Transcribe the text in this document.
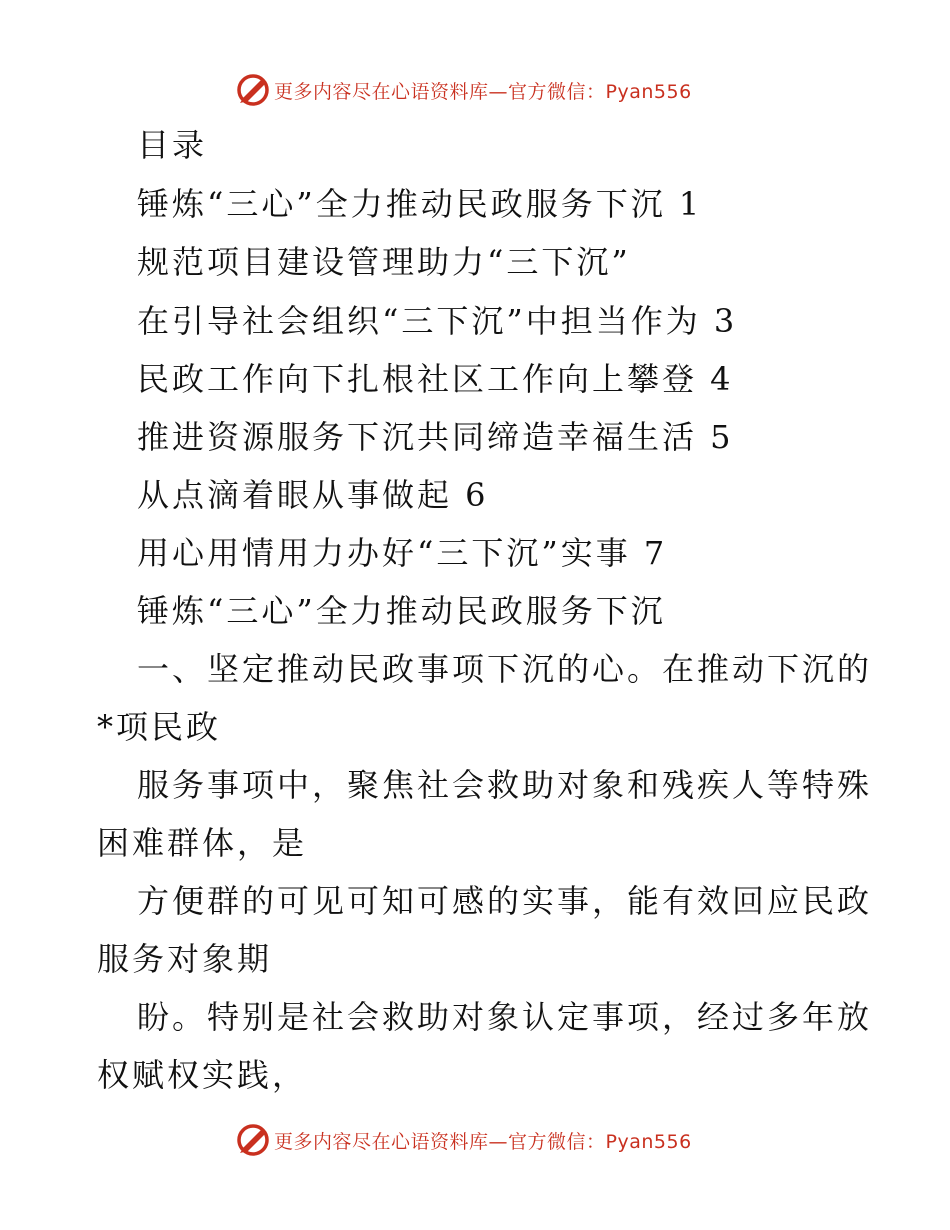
更多内容尽在心语资料库—官方微信：Pyan556
目录
锤炼“三心”全力推动民政服务下沉 1
规范项目建设管理助力“三下沉”
在引导社会组织“三下沉”中担当作为 3
民政工作向下扎根社区工作向上攀登 4
推进资源服务下沉共同缔造幸福生活 5
从点滴着眼从事做起 6
用心用情用力办好“三下沉”实事 7
锤炼“三心”全力推动民政服务下沉
一、坚定推动民政事项下沉的心。在推动下沉的
*项民政
服务事项中，聚焦社会救助对象和残疾人等特殊
困难群体，是
方便群的可见可知可感的实事，能有效回应民政
服务对象期
盼。特别是社会救助对象认定事项，经过多年放
权赋权实践，
更多内容尽在心语资料库—官方微信：Pyan556
